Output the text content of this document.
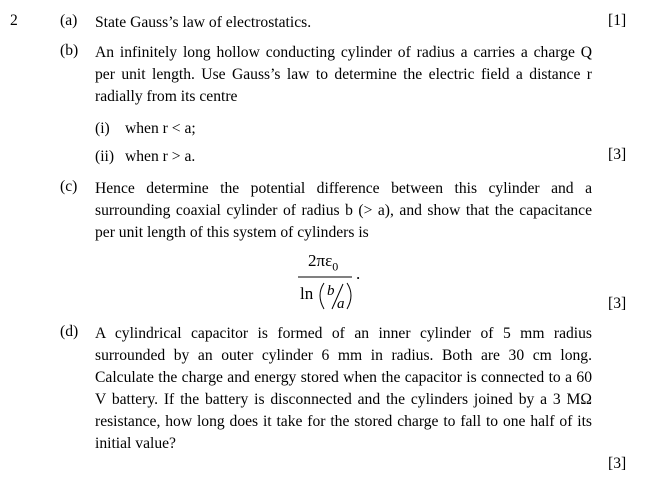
2	(a) State Gauss’s law of electrostatics.	[1]
(b) An infinitely long hollow conducting cylinder of radius a carries a charge Q per unit length. Use Gauss’s law to determine the electric field a distance r radially from its centre
(i) when r < a;
(ii) when r > a.	[3]
(c) Hence determine the potential difference between this cylinder and a surrounding coaxial cylinder of radius b (> a), and show that the capacitance per unit length of this system of cylinders is
$2\pi\varepsilon_0$
ln b
a
.
[3]
(d) A cylindrical capacitor is formed of an inner cylinder of 5 mm radius surrounded by an outer cylinder 6 mm in radius. Both are 30 cm long. Calculate the charge and energy stored when the capacitor is connected to a 60 V battery. If the battery is disconnected and the cylinders joined by a 3 MΩ resistance, how long does it take for the stored charge to fall to one half of its initial value?
[3]
